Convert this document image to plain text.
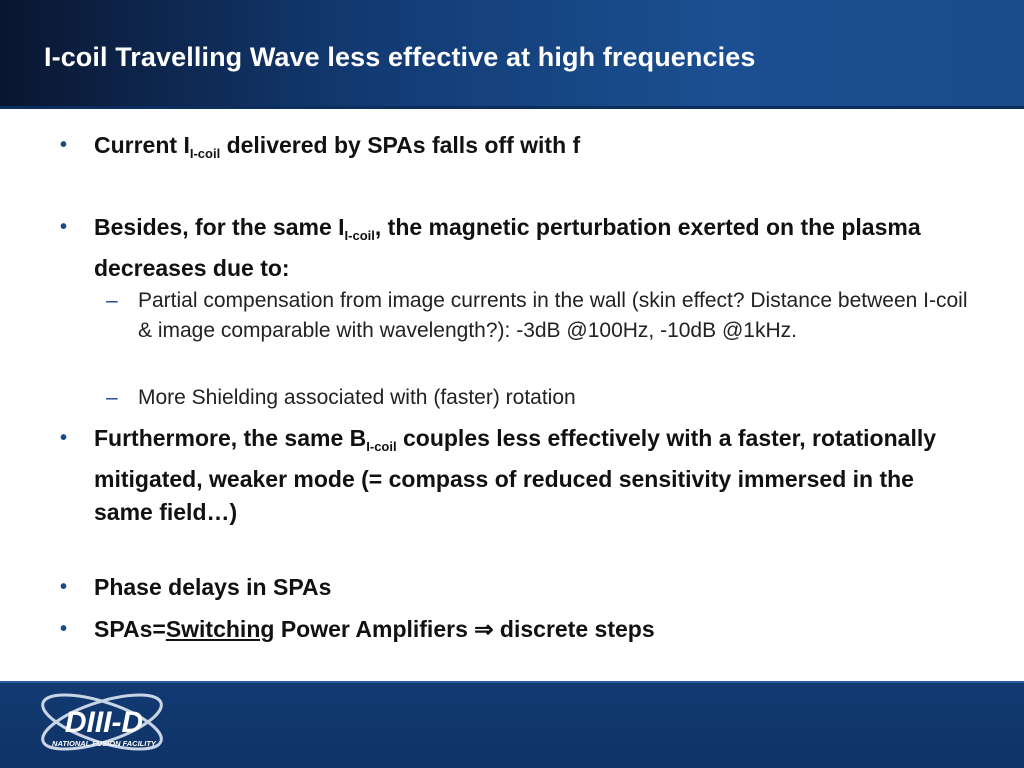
I-coil Travelling Wave less effective at high frequencies
• Current $I_{I-coil}$ delivered by SPAs falls off with f
• Besides, for the same $I_{I-coil}$, the magnetic perturbation exerted on the plasma decreases due to:
– Partial compensation from image currents in the wall (skin effect? Distance between I-coil & image comparable with wavelength?): -3dB @100Hz, -10dB @1kHz.
– More Shielding associated with (faster) rotation
• Furthermore, the same $B_{I-coil}$ couples less effectively with a faster, rotationally mitigated, weaker mode (= compass of reduced sensitivity immersed in the same field…)
• Phase delays in SPAs
• SPAs=Switching Power Amplifiers ⇒ discrete steps
DIII-D
NATIONAL FUSION FACILITY
